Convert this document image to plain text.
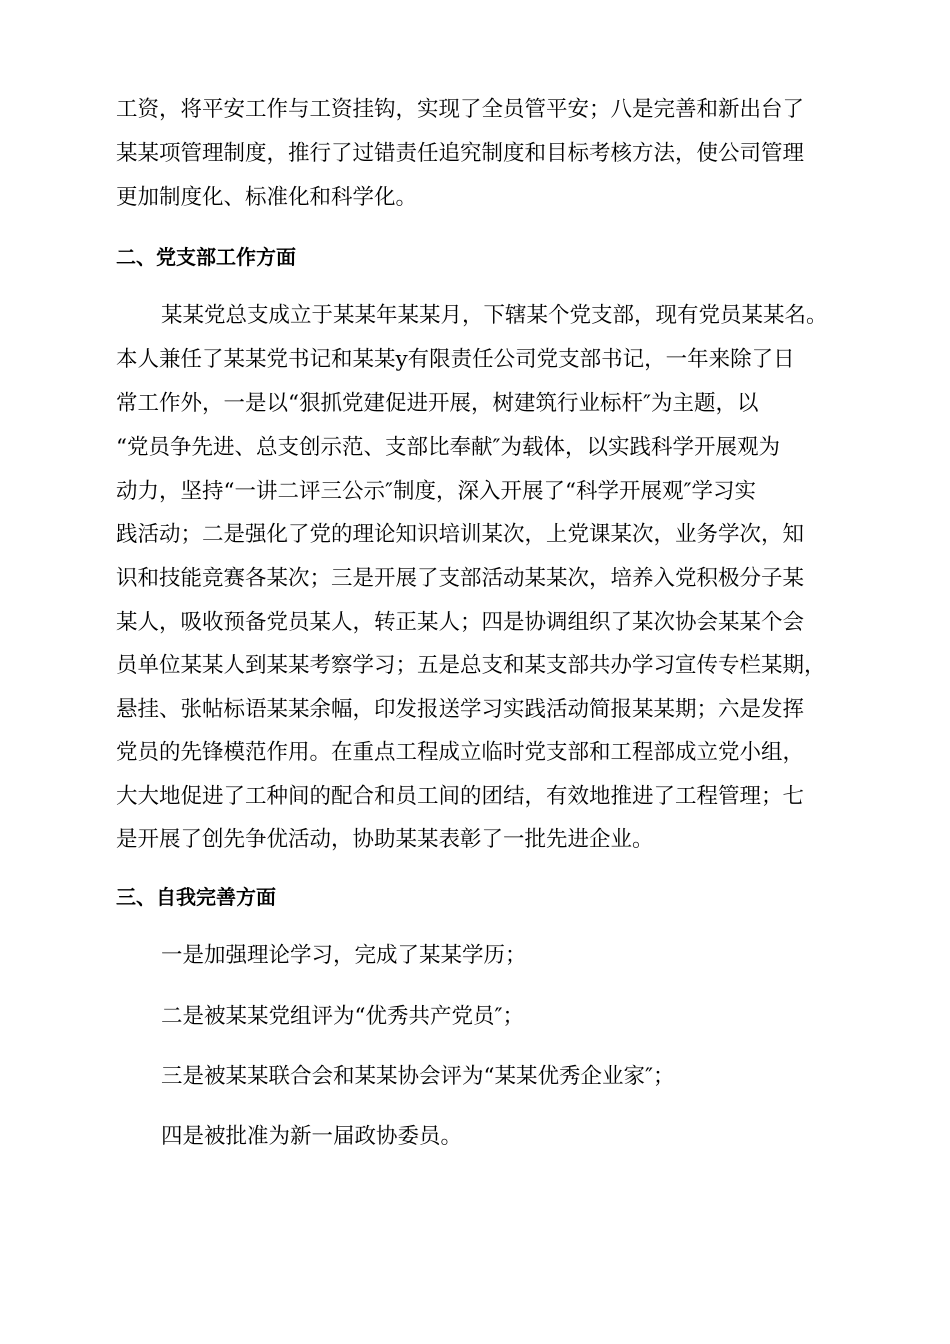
工资，将平安工作与工资挂钩，实现了全员管平安；八是完善和新出台了
某某项管理制度，推行了过错责任追究制度和目标考核方法，使公司管理
更加制度化、标准化和科学化。
二、党支部工作方面
某某党总支成立于某某年某某月，下辖某个党支部，现有党员某某名。
本人兼任了某某党书记和某某y有限责任公司党支部书记，一年来除了日
常工作外，一是以“狠抓党建促进开展，树建筑行业标杆″为主题，以
“党员争先进、总支创示范、支部比奉献″为载体，以实践科学开展观为
动力，坚持“一讲二评三公示″制度，深入开展了“科学开展观″学习实
践活动；二是强化了党的理论知识培训某次，上党课某次，业务学次，知
识和技能竞赛各某次；三是开展了支部活动某某次，培养入党积极分子某
某人，吸收预备党员某人，转正某人；四是协调组织了某次协会某某个会
员单位某某人到某某考察学习；五是总支和某支部共办学习宣传专栏某期，
悬挂、张帖标语某某余幅，印发报送学习实践活动简报某某期；六是发挥
党员的先锋模范作用。在重点工程成立临时党支部和工程部成立党小组，
大大地促进了工种间的配合和员工间的团结，有效地推进了工程管理；七
是开展了创先争优活动，协助某某表彰了一批先进企业。
三、自我完善方面
一是加强理论学习，完成了某某学历；
二是被某某党组评为“优秀共产党员″；
三是被某某联合会和某某协会评为“某某优秀企业家″；
四是被批准为新一届政协委员。
